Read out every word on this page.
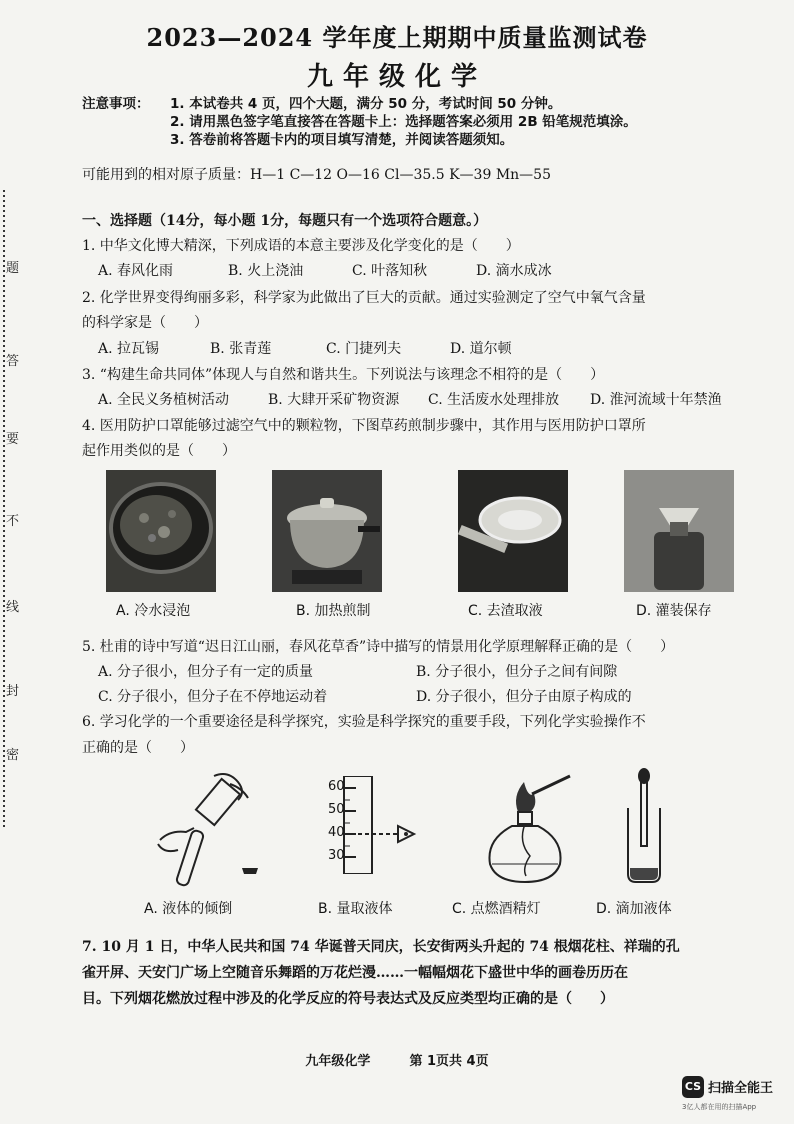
题
答
要
不
线
封
密
2023—2024 学年度上期期中质量监测试卷
九年级化学
注意事项： 1. 本试卷共 4 页，四个大题，满分 50 分，考试时间 50 分钟。
2. 请用黑色签字笔直接答在答题卡上：选择题答案必须用 2B 铅笔规范填涂。
3. 答卷前将答题卡内的项目填写清楚，并阅读答题须知。
可能用到的相对原子质量：H—1 C—12 O—16 Cl—35.5 K—39 Mn—55
一、选择题（14分，每小题 1分，每题只有一个选项符合题意。）
1. 中华文化博大精深，下列成语的本意主要涉及化学变化的是（　　）
A. 春风化雨	B. 火上浇油	C. 叶落知秋	D. 滴水成冰
2. 化学世界变得绚丽多彩，科学家为此做出了巨大的贡献。通过实验测定了空气中氧气含量
的科学家是（　　）
A. 拉瓦锡	B. 张青莲	C. 门捷列夫	D. 道尔顿
3. “构建生命共同体”体现人与自然和谐共生。下列说法与该理念不相符的是（　　）
A. 全民义务植树活动	B. 大肆开采矿物资源 C. 生活废水处理排放 D. 淮河流域十年禁渔
4. 医用防护口罩能够过滤空气中的颗粒物，下图草药煎制步骤中，其作用与医用防护口罩所
起作用类似的是（　　）
A. 冷水浸泡	B. 加热煎制	C. 去渣取液	D. 灌装保存
5. 杜甫的诗中写道“迟日江山丽，春风花草香”诗中描写的情景用化学原理解释正确的是（　　）
A. 分子很小，但分子有一定的质量	B. 分子很小，但分子之间有间隙
C. 分子很小，但分子在不停地运动着	D. 分子很小，但分子由原子构成的
6. 学习化学的一个重要途径是科学探究，实验是科学探究的重要手段，下列化学实验操作不
正确的是（　　）
60
50
40
30
A. 液体的倾倒	B. 量取液体	C. 点燃酒精灯	D. 滴加液体
7. 10 月 1 日，中华人民共和国 74 华诞普天同庆，长安街两头升起的 74 根烟花柱、祥瑞的孔
雀开屏、天安门广场上空随音乐舞蹈的万花烂漫……一幅幅烟花下盛世中华的画卷历历在
目。下列烟花燃放过程中涉及的化学反应的符号表达式及反应类型均正确的是（　　）
九年级化学	第 1页共 4页
CS 扫描全能王
3亿人都在用的扫描App
